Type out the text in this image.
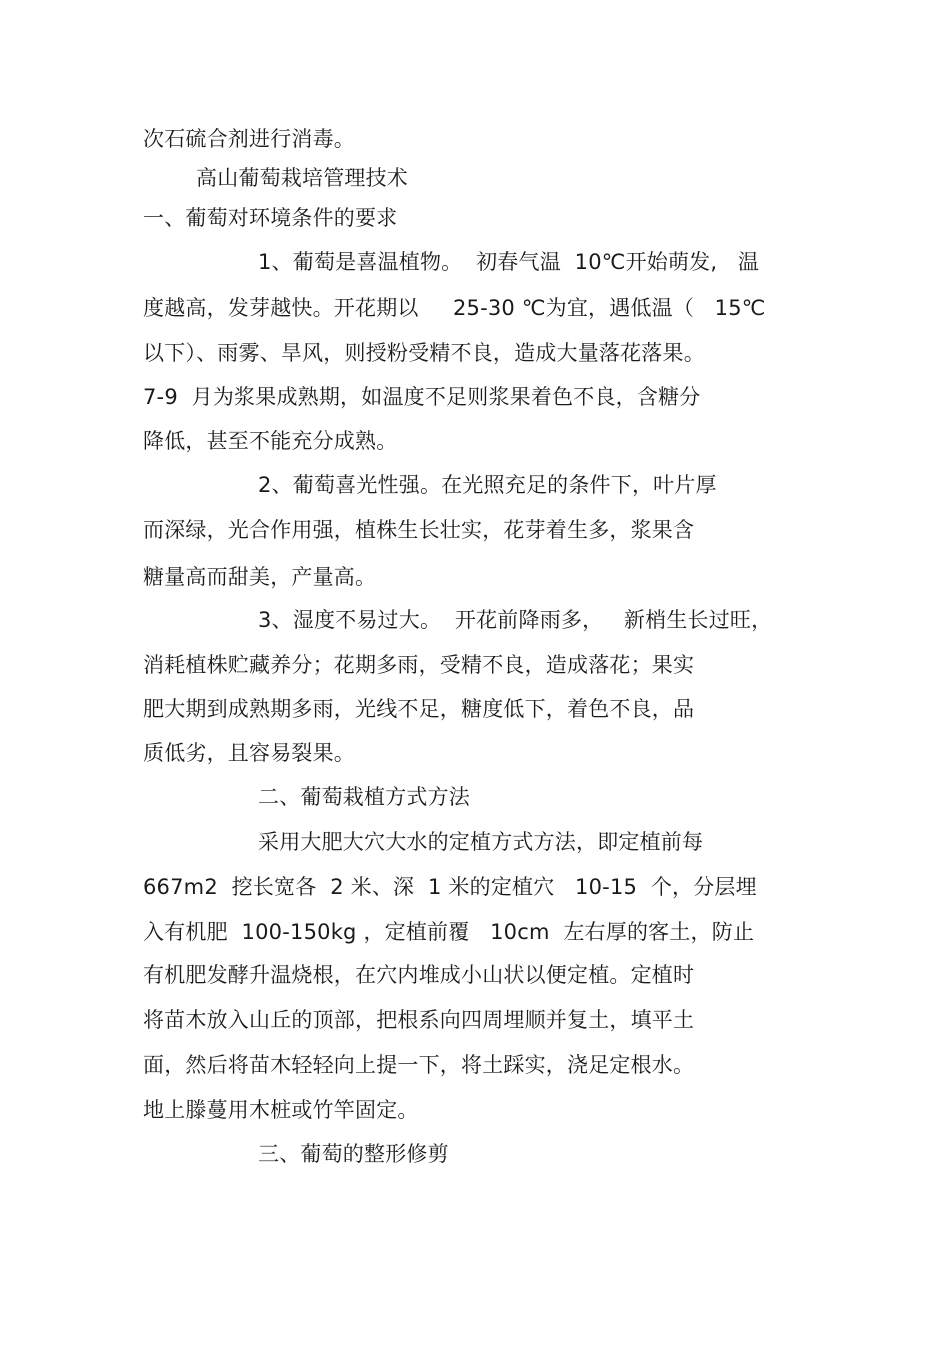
次石硫合剂进行消毒。
高山葡萄栽培管理技术
一、葡萄对环境条件的要求
1、葡萄是喜温植物。  初春气温  10℃开始萌发,   温
度越高，发芽越快。开花期以     25-30 ℃为宜，遇低温（   15℃
以下）、雨雾、旱风，则授粉受精不良，造成大量落花落果。
7-9  月为浆果成熟期，如温度不足则浆果着色不良，含糖分
降低，甚至不能充分成熟。
2、葡萄喜光性强。在光照充足的条件下，叶片厚
而深绿，光合作用强，植株生长壮实，花芽着生多，浆果含
糖量高而甜美，产量高。
3、湿度不易过大。  开花前降雨多，   新梢生长过旺，
消耗植株贮藏养分；花期多雨，受精不良，造成落花；果实
肥大期到成熟期多雨，光线不足，糖度低下，着色不良，品
质低劣，且容易裂果。
二、葡萄栽植方式方法
采用大肥大穴大水的定植方式方法，即定植前每
667m2  挖长宽各  2 米、深  1 米的定植穴   10-15  个，分层埋
入有机肥  100-150kg ，定植前覆   10cm  左右厚的客土，防止
有机肥发酵升温烧根，在穴内堆成小山状以便定植。定植时
将苗木放入山丘的顶部，把根系向四周埋顺并复土，填平土
面，然后将苗木轻轻向上提一下，将土踩实，浇足定根水。
地上滕蔓用木桩或竹竿固定。
三、葡萄的整形修剪
